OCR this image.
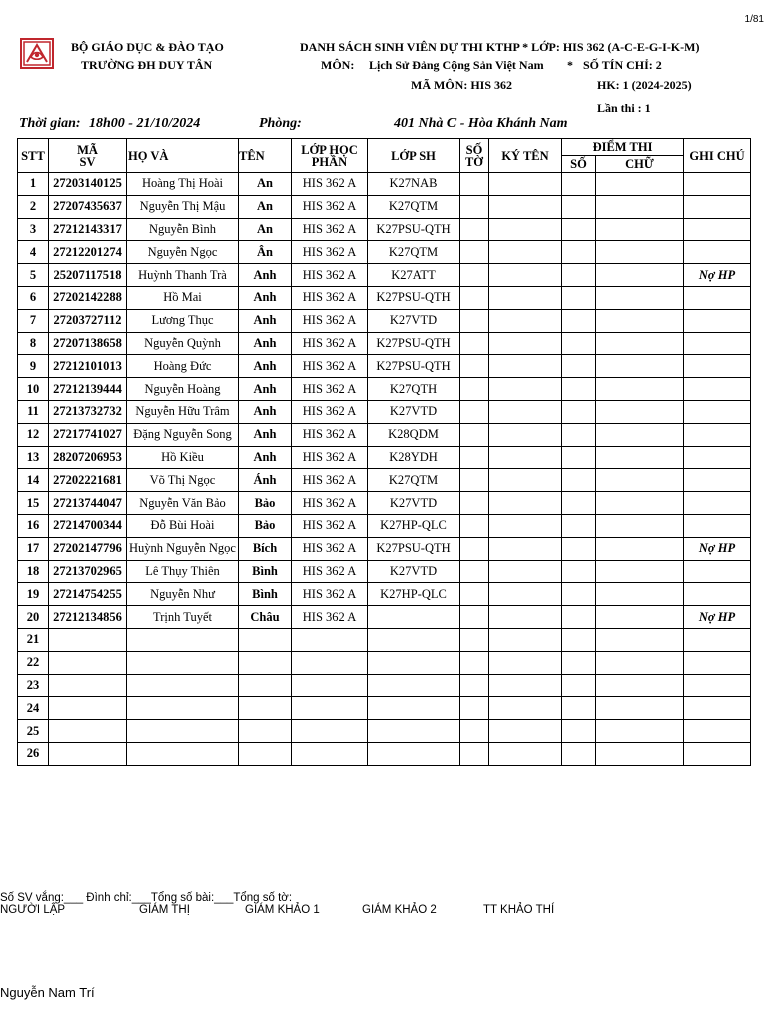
1/81
BỘ GIÁO DỤC & ĐÀO TẠO
TRƯỜNG ĐH DUY TÂN
DANH SÁCH SINH VIÊN DỰ THI KTHP * LỚP: HIS 362 (A-C-E-G-I-K-M)
MÔN: Lịch Sử Đảng Cộng Sản Việt Nam * SỐ TÍN CHỈ: 2
MÃ MÔN: HIS 362	HK: 1 (2024-2025)
Lần thi : 1
Thời gian: 18h00 - 21/10/2024	Phòng:	401 Nhà C - Hòa Khánh Nam
STT	MÃ
SV	HỌ VÀ	TÊN	LỚP HỌC
PHẦN	LỚP SH	SỐ
TỜ	KÝ TÊN	ĐIỂM THI		GHI CHÚ
								SỐ	CHỮ	
1	27203140125	Hoàng Thị Hoài	An	HIS 362 A	K27NAB					
2	27207435637	Nguyễn Thị Mậu	An	HIS 362 A	K27QTM					
3	27212143317	Nguyễn Bình	An	HIS 362 A	K27PSU-QTH					
4	27212201274	Nguyễn Ngọc	Ân	HIS 362 A	K27QTM					
5	25207117518	Huỳnh Thanh Trà	Anh	HIS 362 A	K27ATT					Nợ HP
6	27202142288	Hồ Mai	Anh	HIS 362 A	K27PSU-QTH					
7	27203727112	Lương Thục	Anh	HIS 362 A	K27VTD					
8	27207138658	Nguyễn Quỳnh	Anh	HIS 362 A	K27PSU-QTH					
9	27212101013	Hoàng Đức	Anh	HIS 362 A	K27PSU-QTH					
10	27212139444	Nguyễn Hoàng	Anh	HIS 362 A	K27QTH					
11	27213732732	Nguyễn Hữu Trâm	Anh	HIS 362 A	K27VTD					
12	27217741027	Đặng Nguyễn Song	Anh	HIS 362 A	K28QDM					
13	28207206953	Hồ Kiều	Anh	HIS 362 A	K28YDH					
14	27202221681	Võ Thị Ngọc	Ánh	HIS 362 A	K27QTM					
15	27213744047	Nguyễn Văn Bảo	Bảo	HIS 362 A	K27VTD					
16	27214700344	Đỗ Bùi Hoài	Bảo	HIS 362 A	K27HP-QLC					
17	27202147796	Huỳnh Nguyễn Ngọc	Bích	HIS 362 A	K27PSU-QTH					Nợ HP
18	27213702965	Lê Thụy Thiên	Bình	HIS 362 A	K27VTD					
19	27214754255	Nguyễn Như	Bình	HIS 362 A	K27HP-QLC					
20	27212134856	Trịnh Tuyết	Châu	HIS 362 A						Nợ HP
21										
22										
23										
24										
25										
26										
Số SV vắng:___ Đình chỉ:___Tổng số bài:___Tổng số tờ:
NGƯỜI LẬP	GIÁM THỊ	GIÁM KHẢO 1	GIÁM KHẢO 2	TT KHẢO THÍ
Nguyễn Nam Trí
